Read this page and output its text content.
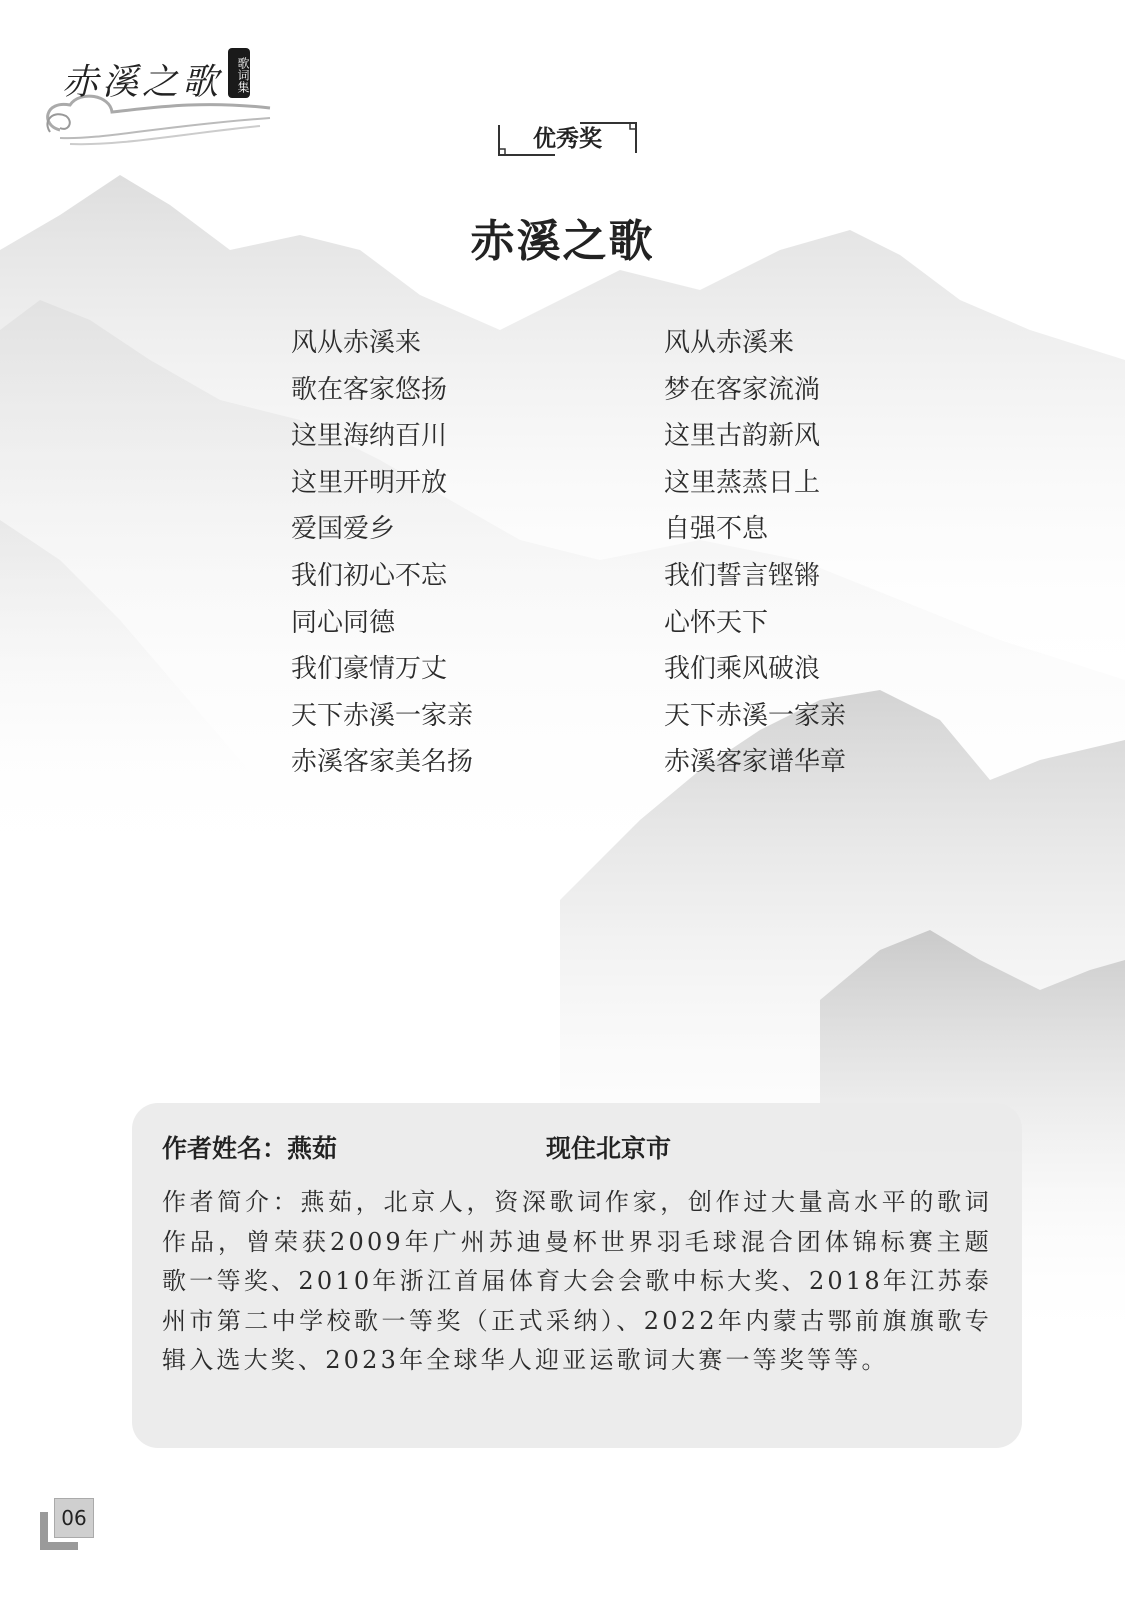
赤溪之歌	歌词集
优秀奖
赤溪之歌
风从赤溪来
歌在客家悠扬
这里海纳百川
这里开明开放
爱国爱乡
我们初心不忘
同心同德
我们豪情万丈
天下赤溪一家亲
赤溪客家美名扬
风从赤溪来
梦在客家流淌
这里古韵新风
这里蒸蒸日上
自强不息
我们誓言铿锵
心怀天下
我们乘风破浪
天下赤溪一家亲
赤溪客家谱华章
作者姓名：燕茹	现住北京市
作者简介：燕茹，北京人，资深歌词作家，创作过大量高水平的歌词作品，曾荣获2009年广州苏迪曼杯世界羽毛球混合团体锦标赛主题歌一等奖、2010年浙江首届体育大会会歌中标大奖、2018年江苏泰州市第二中学校歌一等奖（正式采纳）、2022年内蒙古鄂前旗旗歌专辑入选大奖、2023年全球华人迎亚运歌词大赛一等奖等等。
06
